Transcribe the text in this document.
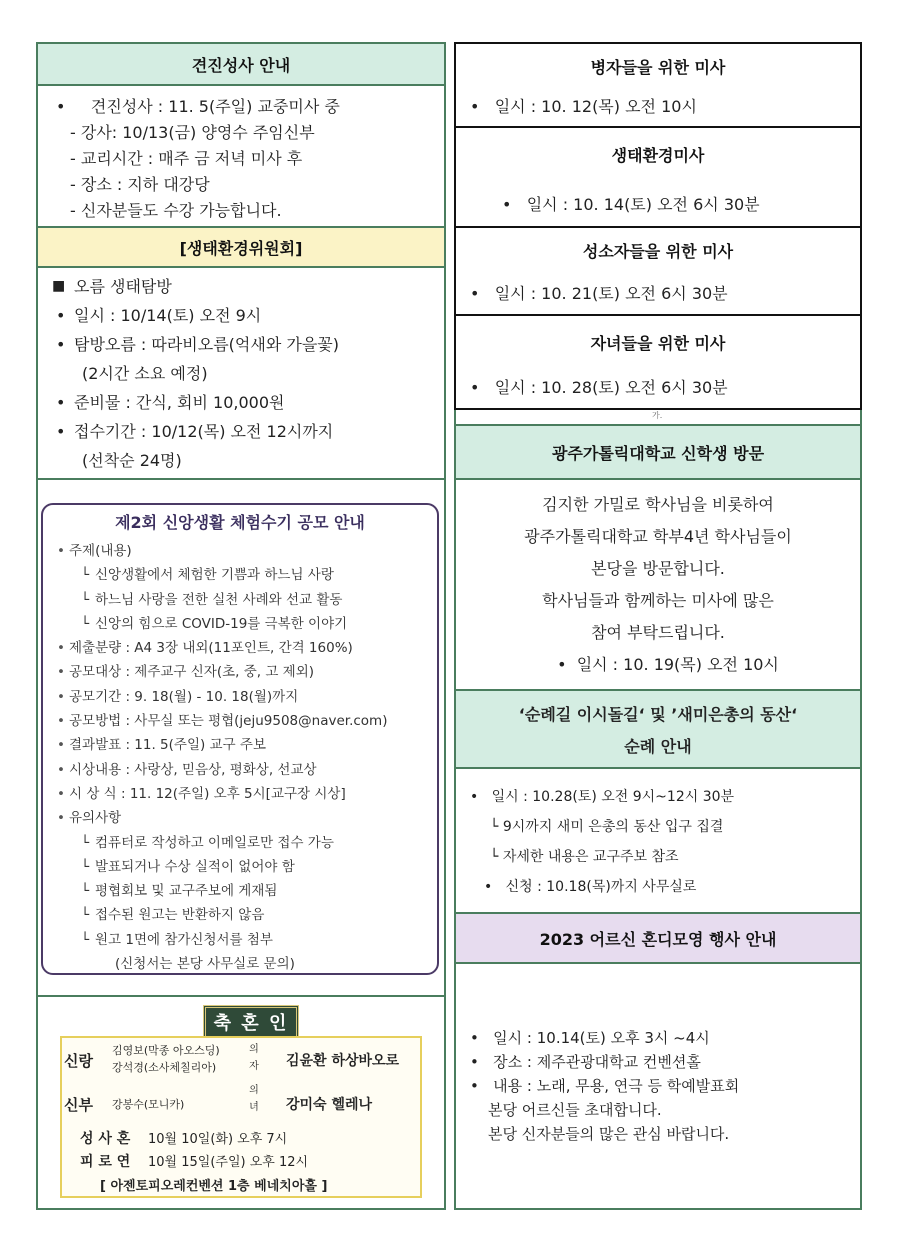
견진성사 안내
•     견진성사 : 11. 5(주일) 교중미사 중
- 강사: 10/13(금) 양영수 주임신부
- 교리시간 : 매주 금 저녁 미사 후
- 장소 : 지하 대강당
- 신자분들도 수강 가능합니다.
[생태환경위원회]
■ 오름 생태탐방
• 일시 : 10/14(토) 오전 9시
• 탐방오름 : 따라비오름(억새와 가을꽃)
(2시간 소요 예정)
• 준비물 : 간식, 회비 10,000원
• 접수기간 : 10/12(목) 오전 12시까지
(선착순 24명)
제2회 신앙생활 체험수기 공모 안내
• 주제(내용)
└ 신앙생활에서 체험한 기쁨과 하느님 사랑
└ 하느님 사랑을 전한 실천 사례와 선교 활동
└ 신앙의 힘으로 COVID-19를 극복한 이야기
• 제출분량 : A4 3장 내외(11포인트, 간격 160%)
• 공모대상 : 제주교구 신자(초, 중, 고 제외)
• 공모기간 : 9. 18(월) - 10. 18(월)까지
• 공모방법 : 사무실 또는 평협(jeju9508@naver.com)
• 결과발표 : 11. 5(주일) 교구 주보
• 시상내용 : 사랑상, 믿음상, 평화상, 선교상
• 시 상 식 : 11. 12(주일) 오후 5시[교구장 시상]
• 유의사항
└ 컴퓨터로 작성하고 이메일로만 접수 가능
└ 발표되거나 수상 실적이 없어야 함
└ 평협회보 및 교구주보에 게재됨
└ 접수된 원고는 반환하지 않음
└ 원고 1면에 참가신청서를 첨부
(신청서는 본당 사무실로 문의)
축 혼 인
신랑
김영보(막종 아오스딩)
강석경(소사체칠리아)
의 자 김윤환 하상바오로
신부 강봉수(모니카)
의 녀 강미숙 헬레나
성 사 혼 10월 10일(화) 오후 7시
피 로 연 10월 15일(주일) 오후 12시
[ 아젠토피오레컨벤션 1층 베네치아홀 ]
병자들을 위한 미사
•   일시 : 10. 12(목) 오전 10시
생태환경미사
•   일시 : 10. 14(토) 오전 6시 30분
성소자들을 위한 미사
•   일시 : 10. 21(토) 오전 6시 30분
자녀들을 위한 미사
•   일시 : 10. 28(토) 오전 6시 30분
가.
광주가톨릭대학교 신학생 방문
김지한 가밀로 학사님을 비롯하여
광주가톨릭대학교 학부4년 학사님들이
본당을 방문합니다.
학사님들과 함께하는 미사에 많은
참여 부탁드립니다.
•  일시 : 10. 19(목) 오전 10시
‘순례길 이시돌길‘ 및 ’새미은총의 동산‘
순례 안내
•   일시 : 10.28(토) 오전 9시~12시 30분
└ 9시까지 새미 은총의 동산 입구 집결
└ 자세한 내용은 교구주보 참조
•   신청 : 10.18(목)까지 사무실로
2023 어르신 혼디모영 행사 안내
•   일시 : 10.14(토) 오후 3시 ~4시
•   장소 : 제주관광대학교 컨벤션홀
•   내용 : 노래, 무용, 연극 등 학예발표회
본당 어르신들 초대합니다.
본당 신자분들의 많은 관심 바랍니다.
